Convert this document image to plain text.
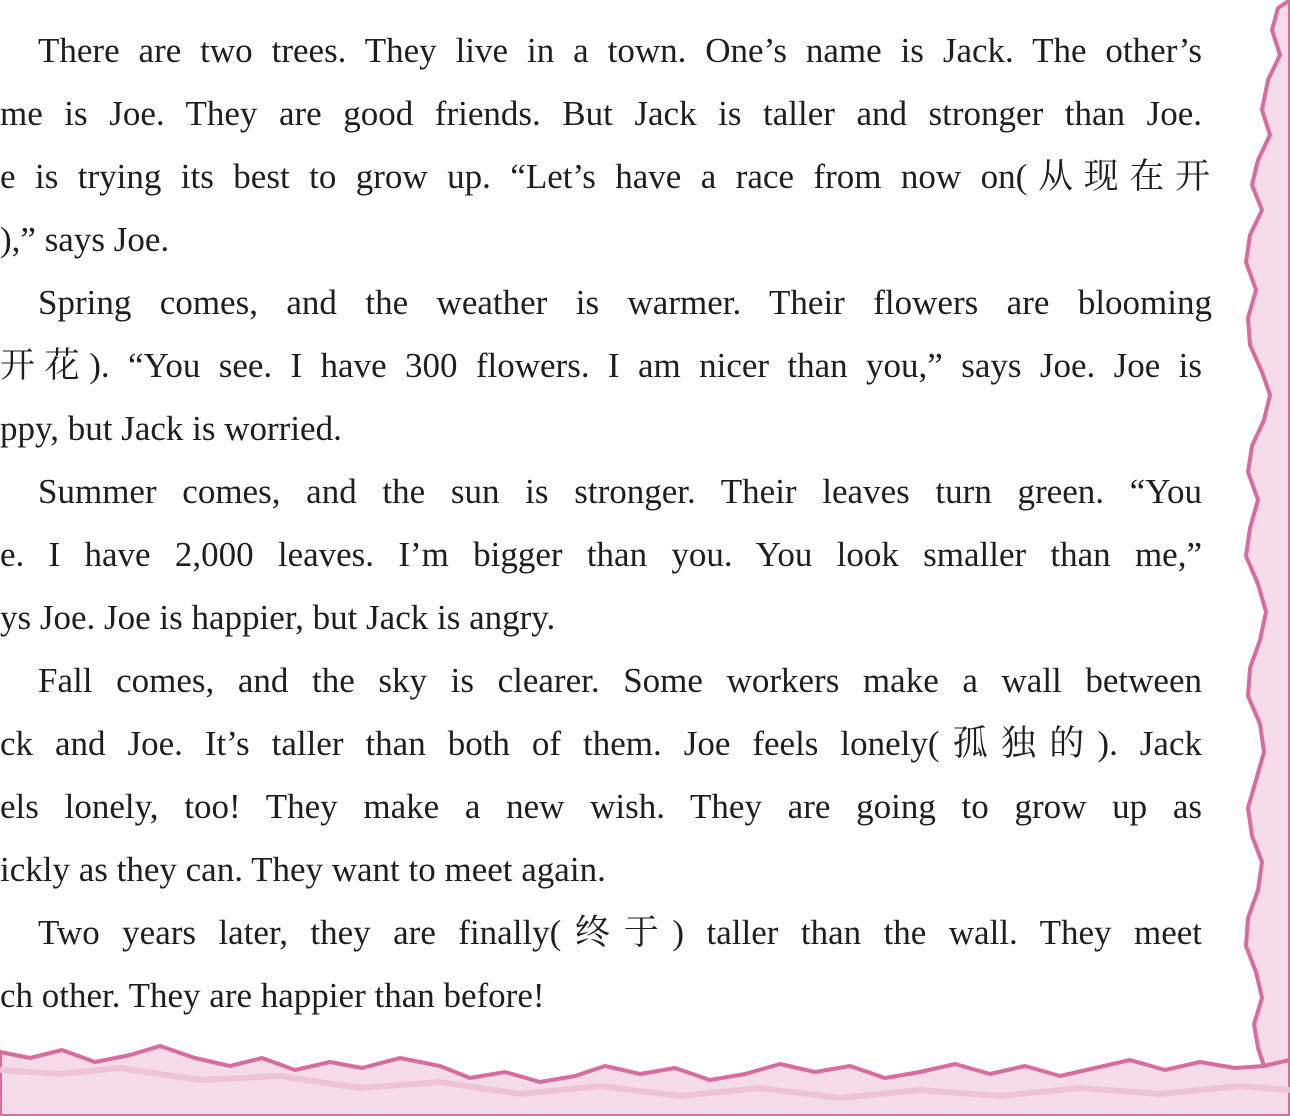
There are two trees. They live in a town. One’s name is Jack. The other’s
me is Joe. They are good friends. But Jack is taller and stronger than Joe.
e is trying its best to grow up. “Let’s have a race from now on(从现在开
),” says Joe.
Spring comes, and the weather is warmer. Their flowers are blooming
开花). “You see. I have 300 flowers. I am nicer than you,” says Joe. Joe is
ppy, but Jack is worried.
Summer comes, and the sun is stronger. Their leaves turn green. “You
e. I have 2,000 leaves. I’m bigger than you. You look smaller than me,”
ys Joe. Joe is happier, but Jack is angry.
Fall comes, and the sky is clearer. Some workers make a wall between
ck and Joe. It’s taller than both of them. Joe feels lonely(孤独的). Jack
els lonely, too! They make a new wish. They are going to grow up as
ickly as they can. They want to meet again.
Two years later, they are finally(终于) taller than the wall. They meet
ch other. They are happier than before!
